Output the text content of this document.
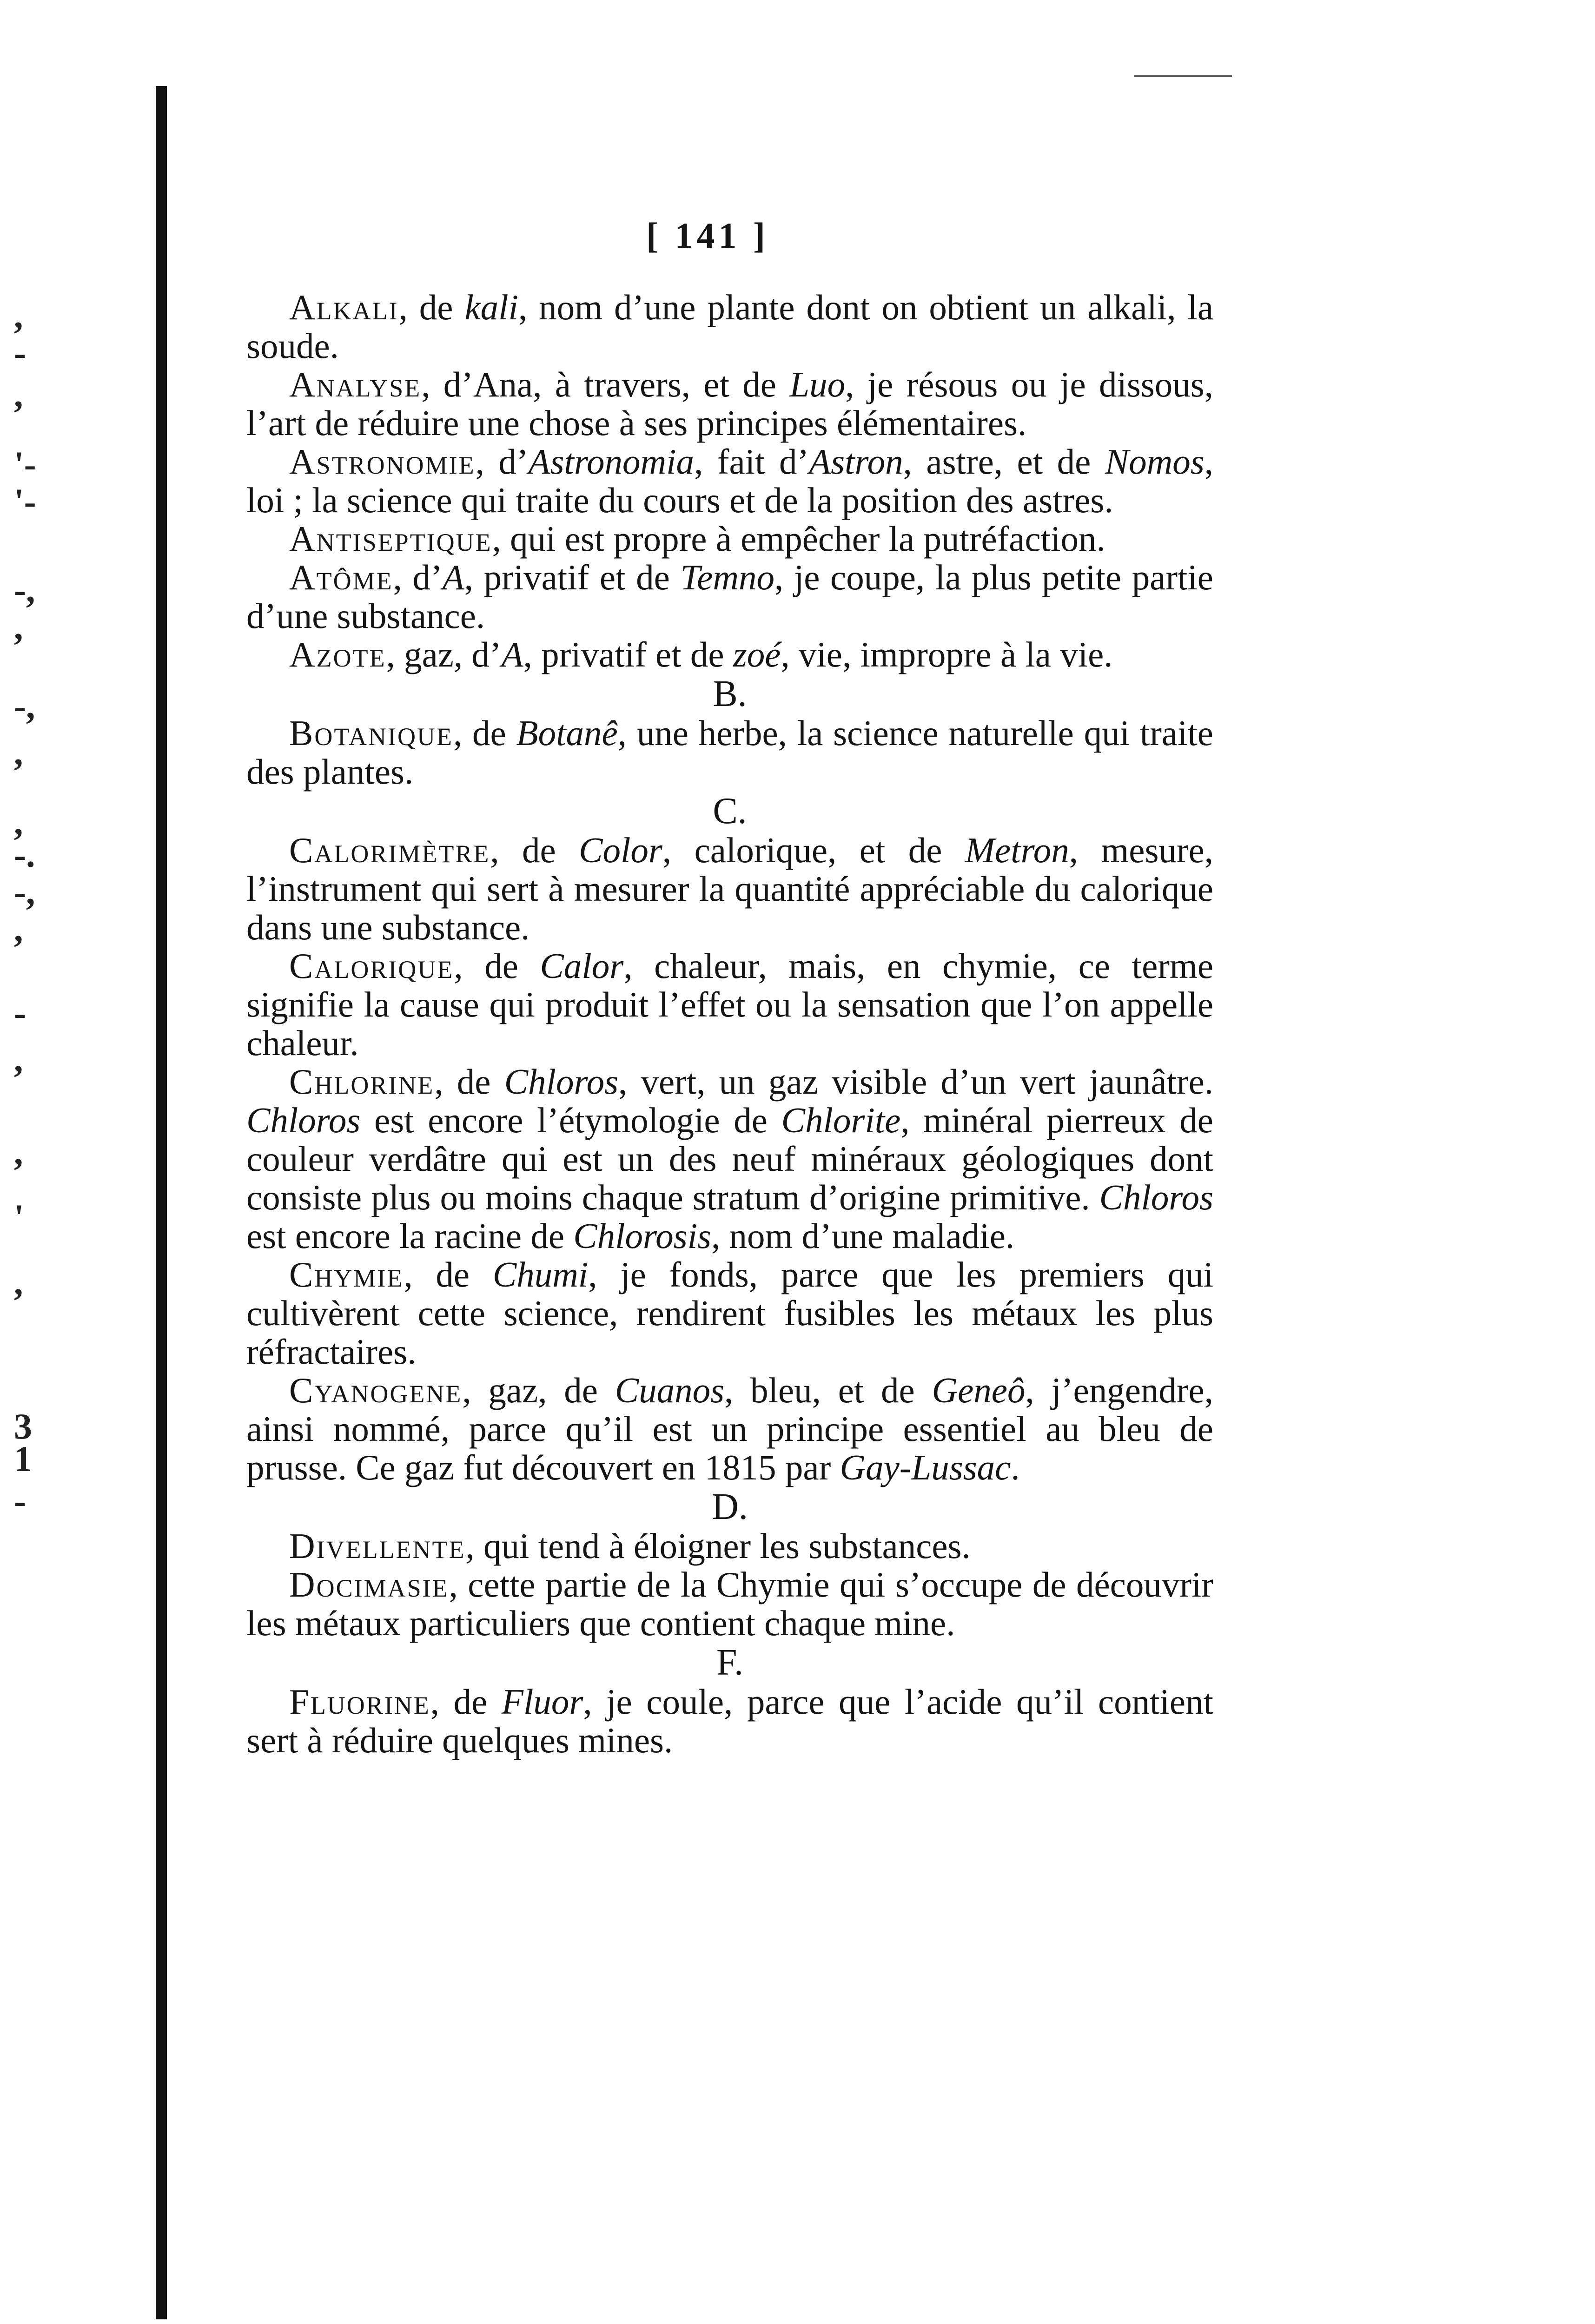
,
-
,
'-
'-
-,
,
-,
,
,
-.
-,
,
-
,
,
'
,
3
1
-
[ 141 ]

Alkali, de kali, nom d’une plante dont on obtient un alkali, la soude.

Analyse, d’Ana, à travers, et de Luo, je résous ou je dissous, l’art de réduire une chose à ses principes élémentaires.

Astronomie, d’Astronomia, fait d’Astron, astre, et de Nomos, loi ; la science qui traite du cours et de la position des astres.

Antiseptique, qui est propre à empêcher la putréfaction.

Atôme, d’A, privatif et de Temno, je coupe, la plus petite partie d’une substance.

Azote, gaz, d’A, privatif et de zoé, vie, impropre à la vie.

B.

Botanique, de Botanê, une herbe, la science naturelle qui traite des plantes.

C.

Calorimètre, de Color, calorique, et de Metron, mesure, l’instrument qui sert à mesurer la quantité appréciable du calorique dans une substance.

Calorique, de Calor, chaleur, mais, en chymie, ce terme signifie la cause qui produit l’effet ou la sensation que l’on appelle chaleur.

Chlorine, de Chloros, vert, un gaz visible d’un vert jaunâtre. Chloros est encore l’étymologie de Chlorite, minéral pierreux de couleur verdâtre qui est un des neuf minéraux géologiques dont consiste plus ou moins chaque stratum d’origine primitive. Chloros est encore la racine de Chlorosis, nom d’une maladie.

Chymie, de Chumi, je fonds, parce que les premiers qui cultivèrent cette science, rendirent fusibles les métaux les plus réfractaires.

Cyanogene, gaz, de Cuanos, bleu, et de Geneô, j’engendre, ainsi nommé, parce qu’il est un principe essentiel au bleu de prusse. Ce gaz fut découvert en 1815 par Gay-Lussac.

D.

Divellente, qui tend à éloigner les substances.

Docimasie, cette partie de la Chymie qui s’occupe de découvrir les métaux particuliers que contient chaque mine.

F.

Fluorine, de Fluor, je coule, parce que l’acide qu’il contient sert à réduire quelques mines.
